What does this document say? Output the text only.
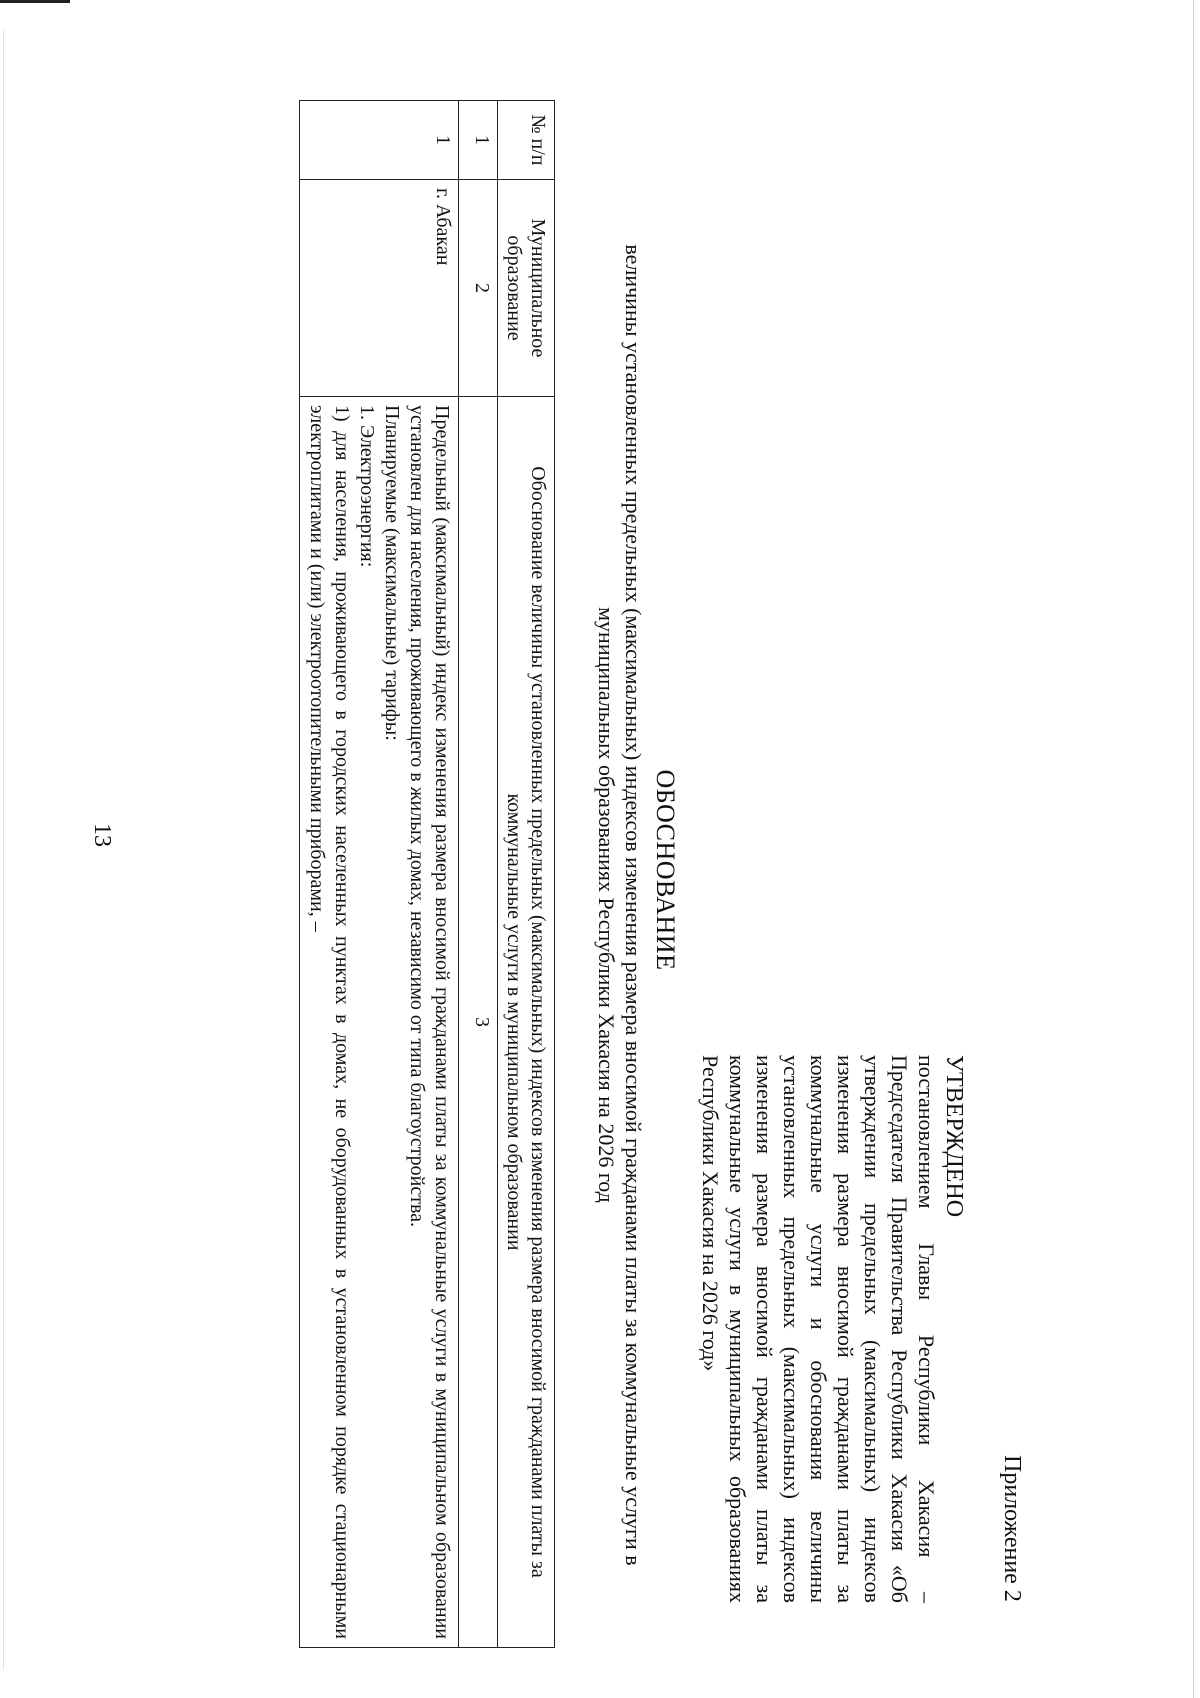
13
Приложение 2
УТВЕРЖДЕНО
постановлением Главы Республики Хакасия – Председателя Правительства Республики Хакасия «Об утверждении предельных (максимальных) индексов изменения размера вносимой гражданами платы за коммунальные услуги и обоснования величины установленных предельных (максимальных) индексов изменения размера вносимой гражданами платы за коммунальные услуги в муниципальных образованиях Республики Хакасия на 2026 год»
ОБОСНОВАНИЕ
величины установленных предельных (максимальных) индексов изменения размера вносимой гражданами платы за коммунальные услуги в муниципальных образованиях Республики Хакасия на 2026 год
№ п/п	Муниципальное образование	Обоснование величины установленных предельных (максимальных) индексов изменения размера вносимой гражданами платы за коммунальные услуги в муниципальном образовании
1	2	3
1	г. Абакан	Предельный (максимальный) индекс изменения размера вносимой гражданами платы за коммунальные услуги в муниципальном образовании установлен для населения, проживающего в жилых домах, независимо от типа благоустройства.

Планируемые (максимальные) тарифы:

1. Электроэнергия:

1) для населения, проживающего в городских населенных пунктах в домах, не оборудованных в установленном порядке стационарными электроплитами и (или) электроотопительными приборами, –
